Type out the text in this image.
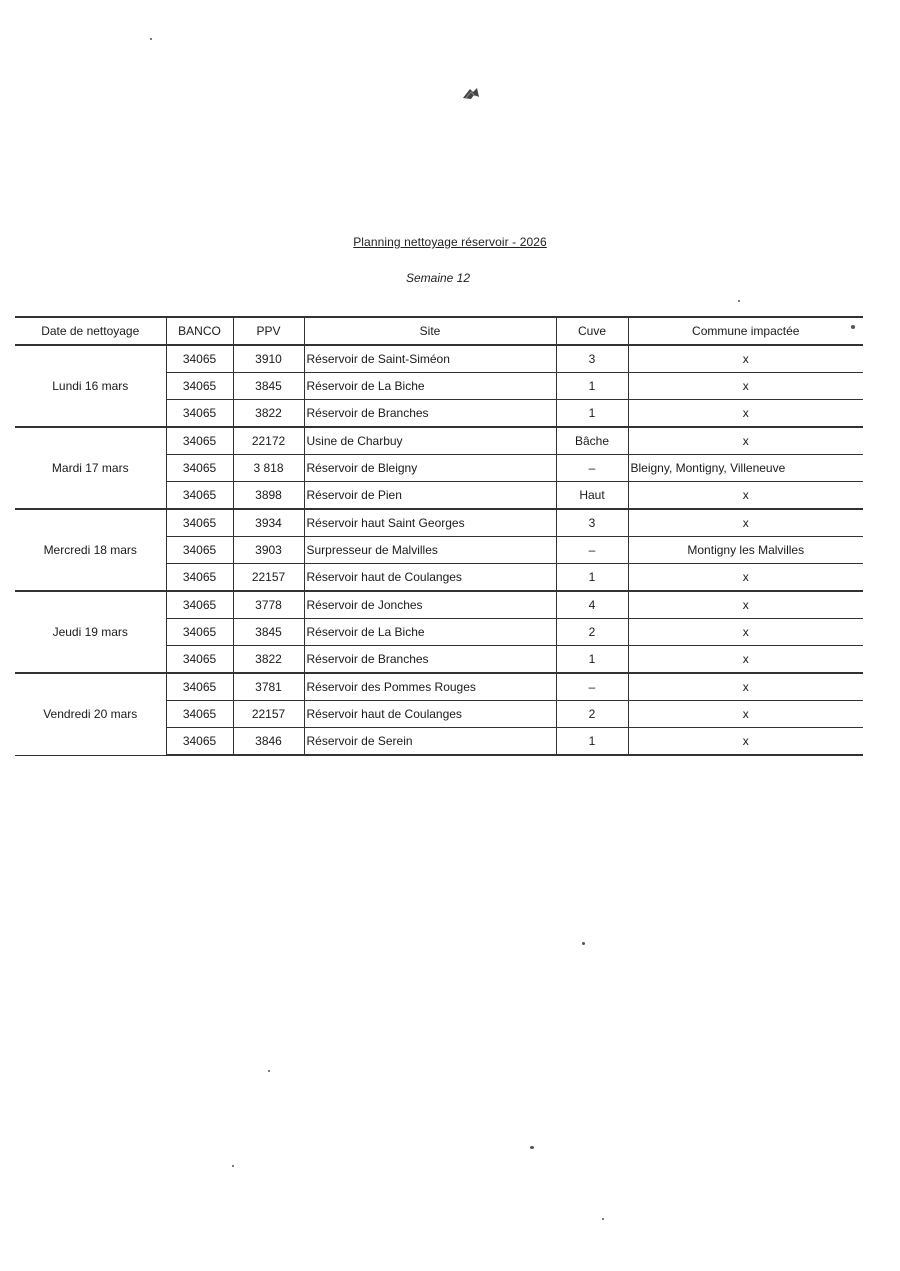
Planning nettoyage réservoir - 2026
Semaine 12
Date de nettoyage	BANCO	PPV	Site	Cuve	Commune impactée
Lundi 16 mars	34065	3910	Réservoir de Saint-Siméon	3	x
	34065	3845	Réservoir de La Biche	1	x
	34065	3822	Réservoir de Branches	1	x
Mardi 17 mars	34065	22172	Usine de Charbuy	Bâche	x
	34065	3 818	Réservoir de Bleigny	–	Bleigny, Montigny, Villeneuve
	34065	3898	Réservoir de Pien	Haut	x
Mercredi 18 mars	34065	3934	Réservoir haut Saint Georges	3	x
	34065	3903	Surpresseur de Malvilles	–	Montigny les Malvilles
	34065	22157	Réservoir haut de Coulanges	1	x
Jeudi 19 mars	34065	3778	Réservoir de Jonches	4	x
	34065	3845	Réservoir de La Biche	2	x
	34065	3822	Réservoir de Branches	1	x
Vendredi 20 mars	34065	3781	Réservoir des Pommes Rouges	–	x
	34065	22157	Réservoir haut de Coulanges	2	x
	34065	3846	Réservoir de Serein	1	x
